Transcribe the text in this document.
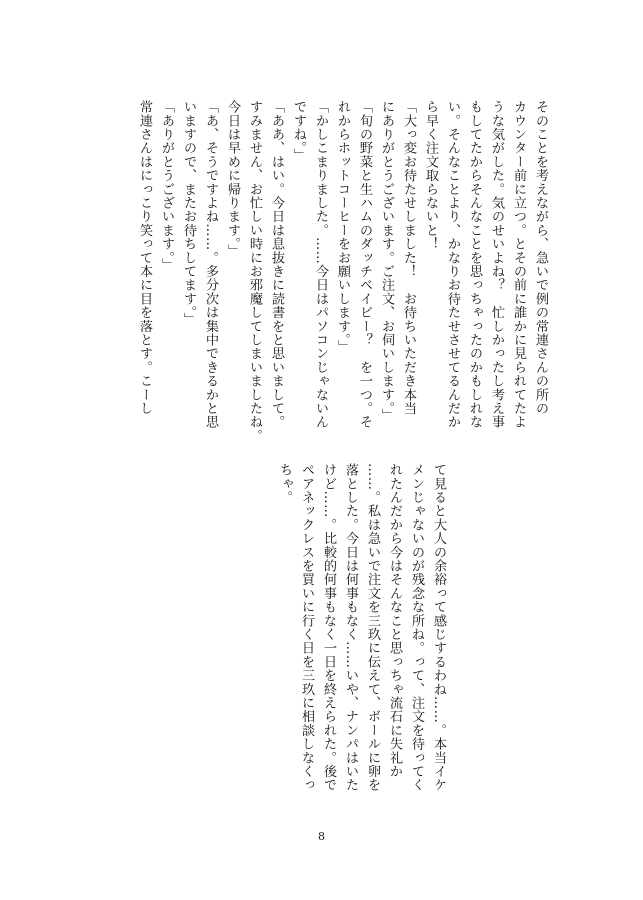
そのことを考えながら、急いで例の常連さんの所の
カウンター前に立つ。とその前に誰かに見られてたよ
うな気がした。気のせいよね？　忙しかったし考え事
もしてたからそんなことを思っちゃったのかもしれな
い。そんなことより、かなりお待たせさせてるんだか
ら早く注文取らないと！
「大っ変お待たせしました！　お待ちいただき本当
にありがとうございます。ご注文、お伺いします。」
「旬の野菜と生ハムのダッチベイビー？　を一つ。そ
れからホットコーヒーをお願いします。」
「かしこまりました。……今日はパソコンじゃないん
ですね。」
「ああ、はい。今日は息抜きに読書をと思いまして。
すみません、お忙しい時にお邪魔してしまいましたね。
今日は早めに帰ります。」
「あ、そうですよね……。多分次は集中できるかと思
いますので、またお待ちしてます。」
「ありがとうございます。」
常連さんはにっこり笑って本に目を落とす。こーし
て見ると大人の余裕って感じするわね……。本当イケ
メンじゃないのが残念な所ね。って、注文を待ってく
れたんだから今はそんなこと思っちゃ流石に失礼か
……。私は急いで注文を三玖に伝えて、ボールに卵を
落とした。今日は何事もなく……いや、ナンパはいた
けど……。比較的何事もなく一日を終えられた。後で
ペアネックレスを買いに行く日を三玖に相談しなくっ
ちゃ。
8
